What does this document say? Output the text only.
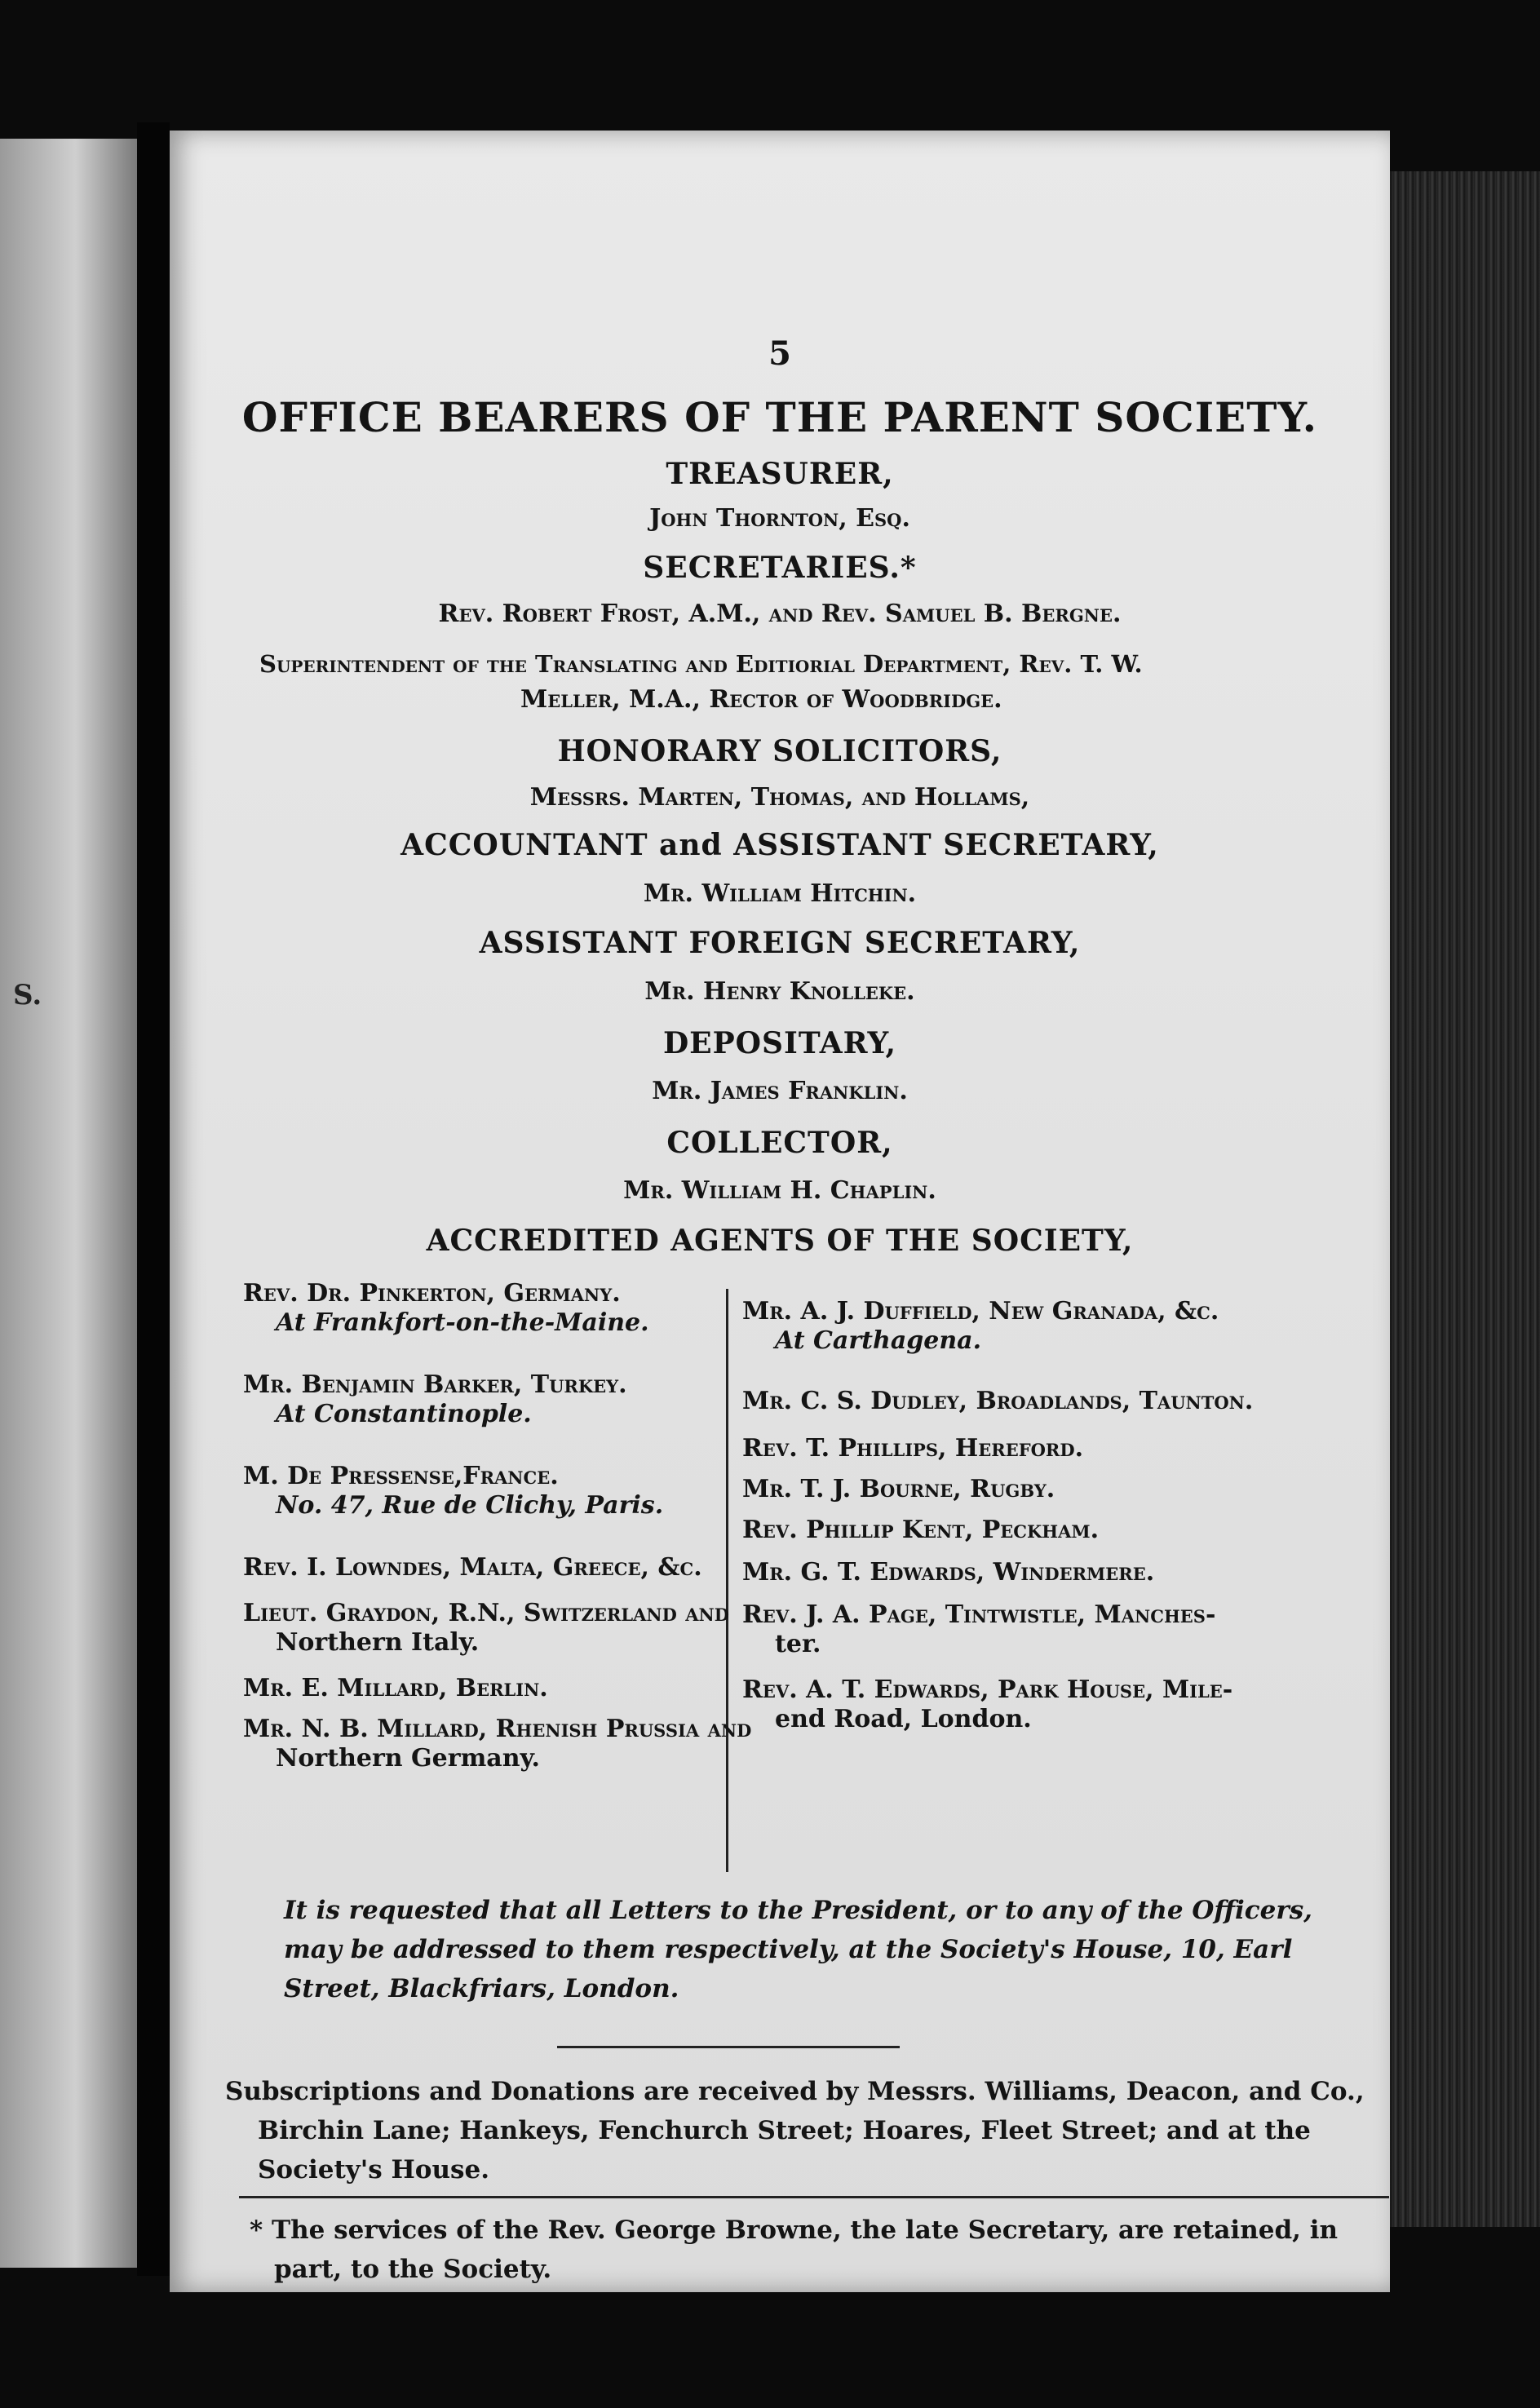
S.
5
OFFICE BEARERS OF THE PARENT SOCIETY.
TREASURER,
John Thornton, Esq.
SECRETARIES.*
Rev. Robert Frost, A.M., and Rev. Samuel B. Bergne.
Superintendent of the Translating and Editiorial Department, Rev. T. W.
Meller, M.A., Rector of Woodbridge.
HONORARY SOLICITORS,
Messrs. Marten, Thomas, and Hollams,
ACCOUNTANT and ASSISTANT SECRETARY,
Mr. William Hitchin.
ASSISTANT FOREIGN SECRETARY,
Mr. Henry Knolleke.
DEPOSITARY,
Mr. James Franklin.
COLLECTOR,
Mr. William H. Chaplin.
ACCREDITED AGENTS OF THE SOCIETY,
Rev. Dr. Pinkerton, Germany.
At Frankfort-on-the-Maine.
Mr. Benjamin Barker, Turkey.
At Constantinople.
M. De Pressense,France.
No. 47, Rue de Clichy, Paris.
Rev. I. Lowndes, Malta, Greece, &c.
Lieut. Graydon, R.N., Switzerland and
Northern Italy.
Mr. E. Millard, Berlin.
Mr. N. B. Millard, Rhenish Prussia and
Northern Germany.
Mr. A. J. Duffield, New Granada, &c.
At Carthagena.
Mr. C. S. Dudley, Broadlands, Taunton.
Rev. T. Phillips, Hereford.
Mr. T. J. Bourne, Rugby.
Rev. Phillip Kent, Peckham.
Mr. G. T. Edwards, Windermere.
Rev. J. A. Page, Tintwistle, Manches-
ter.
Rev. A. T. Edwards, Park House, Mile-
end Road, London.
It is requested that all Letters to the President, or to any of the Officers, may be addressed to them respectively, at the Society's House, 10, Earl Street, Blackfriars, London.
Subscriptions and Donations are received by Messrs. Williams, Deacon, and Co., Birchin Lane; Hankeys, Fenchurch Street; Hoares, Fleet Street; and at the Society's House.
* The services of the Rev. George Browne, the late Secretary, are retained, in part, to the Society.
